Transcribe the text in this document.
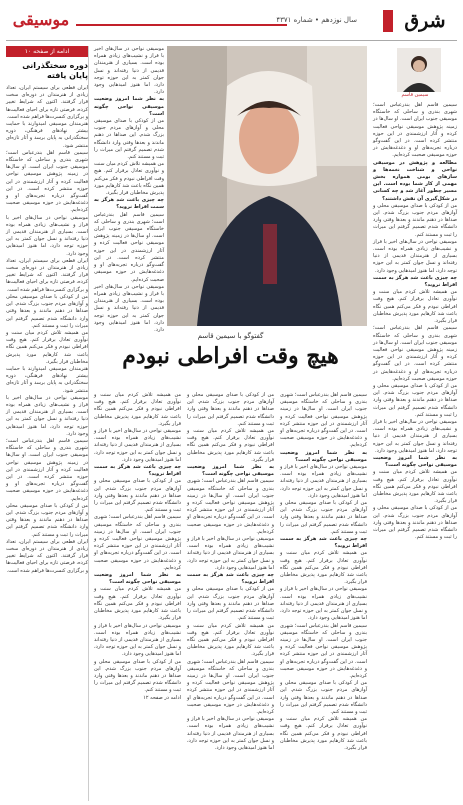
شرق
سال نوزدهم • شماره ۴۳۷۱
موسیقی
سیمین قاسم

سیمین قاسم اهل بندرعباس است؛ شهری بندری و ساحلی که خاستگاه موسیقی جنوب ایران است. او سال‌ها در زمینه پژوهش موسیقی نواحی فعالیت کرده و آثار ارزشمندی در این حوزه منتشر کرده است. در این گفت‌وگو درباره تجربه‌های او و دغدغه‌هایش در حوزه موسیقی صحبت کرده‌ایم.

مطالعه و پژوهش در موسیقی نواحی و شناخت نغمه‌ها و سازهای بومی همواره بخش مهمی از کار شما بوده است. این مسیر چطور آغاز شد و چه کسانی در شکل‌گیری آن نقش داشتند؟

من از کودکی با صدای موسیقی محلی و آوازهای مردم جنوب بزرگ شدم. این صداها در ذهنم ماندند و بعدها وقتی وارد دانشگاه شدم تصمیم گرفتم این میراث را ثبت و مستند کنم.

موسیقی نواحی در سال‌های اخیر با فراز و نشیب‌های زیادی همراه بوده است. بسیاری از هنرمندان قدیمی از دنیا رفته‌اند و نسل جوان کمتر به این حوزه توجه دارد، اما هنوز امیدهایی وجود دارد.

چه چیزی باعث شد هرگز به سمت افراط نروید؟

من همیشه تلاش کردم میان سنت و نوآوری تعادل برقرار کنم. هیچ وقت افراطی نبودم و فکر می‌کنم همین نگاه باعث شد کارهایم مورد پذیرش مخاطبان قرار بگیرد.

سیمین قاسم اهل بندرعباس است؛ شهری بندری و ساحلی که خاستگاه موسیقی جنوب ایران است. او سال‌ها در زمینه پژوهش موسیقی نواحی فعالیت کرده و آثار ارزشمندی در این حوزه منتشر کرده است. در این گفت‌وگو درباره تجربه‌های او و دغدغه‌هایش در حوزه موسیقی صحبت کرده‌ایم.

من از کودکی با صدای موسیقی محلی و آوازهای مردم جنوب بزرگ شدم. این صداها در ذهنم ماندند و بعدها وقتی وارد دانشگاه شدم تصمیم گرفتم این میراث را ثبت و مستند کنم.

موسیقی نواحی در سال‌های اخیر با فراز و نشیب‌های زیادی همراه بوده است. بسیاری از هنرمندان قدیمی از دنیا رفته‌اند و نسل جوان کمتر به این حوزه توجه دارد، اما هنوز امیدهایی وجود دارد.

به نظر شما امروز وضعیت موسیقی نواحی چگونه است؟

من همیشه تلاش کردم میان سنت و نوآوری تعادل برقرار کنم. هیچ وقت افراطی نبودم و فکر می‌کنم همین نگاه باعث شد کارهایم مورد پذیرش مخاطبان قرار بگیرد.

من از کودکی با صدای موسیقی محلی و آوازهای مردم جنوب بزرگ شدم. این صداها در ذهنم ماندند و بعدها وقتی وارد دانشگاه شدم تصمیم گرفتم این میراث را ثبت و مستند کنم.

موسیقی نواحی در سال‌های اخیر با فراز و نشیب‌های زیادی همراه بوده است. بسیاری از هنرمندان قدیمی از دنیا رفته‌اند و نسل جوان کمتر به این حوزه توجه دارد، اما هنوز امیدهایی وجود دارد.

به نظر شما امروز وضعیت موسیقی نواحی چگونه است؟

من از کودکی با صدای موسیقی محلی و آوازهای مردم جنوب بزرگ شدم. این صداها در ذهنم ماندند و بعدها وقتی وارد دانشگاه شدم تصمیم گرفتم این میراث را ثبت و مستند کنم.

من همیشه تلاش کردم میان سنت و نوآوری تعادل برقرار کنم. هیچ وقت افراطی نبودم و فکر می‌کنم همین نگاه باعث شد کارهایم مورد پذیرش مخاطبان قرار بگیرد.

چه چیزی باعث شد هرگز به سمت افراط نروید؟

سیمین قاسم اهل بندرعباس است؛ شهری بندری و ساحلی که خاستگاه موسیقی جنوب ایران است. او سال‌ها در زمینه پژوهش موسیقی نواحی فعالیت کرده و آثار ارزشمندی در این حوزه منتشر کرده است. در این گفت‌وگو درباره تجربه‌های او و دغدغه‌هایش در حوزه موسیقی صحبت کرده‌ایم.

موسیقی نواحی در سال‌های اخیر با فراز و نشیب‌های زیادی همراه بوده است. بسیاری از هنرمندان قدیمی از دنیا رفته‌اند و نسل جوان کمتر به این حوزه توجه دارد، اما هنوز امیدهایی وجود دارد.

گفتوگو با سیمین قاسم
هیچ وقت افراطی نبودم

سیمین قاسم اهل بندرعباس است؛ شهری بندری و ساحلی که خاستگاه موسیقی جنوب ایران است. او سال‌ها در زمینه پژوهش موسیقی نواحی فعالیت کرده و آثار ارزشمندی در این حوزه منتشر کرده است. در این گفت‌وگو درباره تجربه‌های او و دغدغه‌هایش در حوزه موسیقی صحبت کرده‌ایم.

به نظر شما امروز وضعیت موسیقی نواحی چگونه است؟

موسیقی نواحی در سال‌های اخیر با فراز و نشیب‌های زیادی همراه بوده است. بسیاری از هنرمندان قدیمی از دنیا رفته‌اند و نسل جوان کمتر به این حوزه توجه دارد، اما هنوز امیدهایی وجود دارد.

من از کودکی با صدای موسیقی محلی و آوازهای مردم جنوب بزرگ شدم. این صداها در ذهنم ماندند و بعدها وقتی وارد دانشگاه شدم تصمیم گرفتم این میراث را ثبت و مستند کنم.

چه چیزی باعث شد هرگز به سمت افراط نروید؟

من همیشه تلاش کردم میان سنت و نوآوری تعادل برقرار کنم. هیچ وقت افراطی نبودم و فکر می‌کنم همین نگاه باعث شد کارهایم مورد پذیرش مخاطبان قرار بگیرد.

موسیقی نواحی در سال‌های اخیر با فراز و نشیب‌های زیادی همراه بوده است. بسیاری از هنرمندان قدیمی از دنیا رفته‌اند و نسل جوان کمتر به این حوزه توجه دارد، اما هنوز امیدهایی وجود دارد.

سیمین قاسم اهل بندرعباس است؛ شهری بندری و ساحلی که خاستگاه موسیقی جنوب ایران است. او سال‌ها در زمینه پژوهش موسیقی نواحی فعالیت کرده و آثار ارزشمندی در این حوزه منتشر کرده است. در این گفت‌وگو درباره تجربه‌های او و دغدغه‌هایش در حوزه موسیقی صحبت کرده‌ایم.

من از کودکی با صدای موسیقی محلی و آوازهای مردم جنوب بزرگ شدم. این صداها در ذهنم ماندند و بعدها وقتی وارد دانشگاه شدم تصمیم گرفتم این میراث را ثبت و مستند کنم.

من همیشه تلاش کردم میان سنت و نوآوری تعادل برقرار کنم. هیچ وقت افراطی نبودم و فکر می‌کنم همین نگاه باعث شد کارهایم مورد پذیرش مخاطبان قرار بگیرد.

من از کودکی با صدای موسیقی محلی و آوازهای مردم جنوب بزرگ شدم. این صداها در ذهنم ماندند و بعدها وقتی وارد دانشگاه شدم تصمیم گرفتم این میراث را ثبت و مستند کنم.

من همیشه تلاش کردم میان سنت و نوآوری تعادل برقرار کنم. هیچ وقت افراطی نبودم و فکر می‌کنم همین نگاه باعث شد کارهایم مورد پذیرش مخاطبان قرار بگیرد.

به نظر شما امروز وضعیت موسیقی نواحی چگونه است؟

سیمین قاسم اهل بندرعباس است؛ شهری بندری و ساحلی که خاستگاه موسیقی جنوب ایران است. او سال‌ها در زمینه پژوهش موسیقی نواحی فعالیت کرده و آثار ارزشمندی در این حوزه منتشر کرده است. در این گفت‌وگو درباره تجربه‌های او و دغدغه‌هایش در حوزه موسیقی صحبت کرده‌ایم.

موسیقی نواحی در سال‌های اخیر با فراز و نشیب‌های زیادی همراه بوده است. بسیاری از هنرمندان قدیمی از دنیا رفته‌اند و نسل جوان کمتر به این حوزه توجه دارد، اما هنوز امیدهایی وجود دارد.

چه چیزی باعث شد هرگز به سمت افراط نروید؟

من از کودکی با صدای موسیقی محلی و آوازهای مردم جنوب بزرگ شدم. این صداها در ذهنم ماندند و بعدها وقتی وارد دانشگاه شدم تصمیم گرفتم این میراث را ثبت و مستند کنم.

من همیشه تلاش کردم میان سنت و نوآوری تعادل برقرار کنم. هیچ وقت افراطی نبودم و فکر می‌کنم همین نگاه باعث شد کارهایم مورد پذیرش مخاطبان قرار بگیرد.

سیمین قاسم اهل بندرعباس است؛ شهری بندری و ساحلی که خاستگاه موسیقی جنوب ایران است. او سال‌ها در زمینه پژوهش موسیقی نواحی فعالیت کرده و آثار ارزشمندی در این حوزه منتشر کرده است. در این گفت‌وگو درباره تجربه‌های او و دغدغه‌هایش در حوزه موسیقی صحبت کرده‌ایم.

موسیقی نواحی در سال‌های اخیر با فراز و نشیب‌های زیادی همراه بوده است. بسیاری از هنرمندان قدیمی از دنیا رفته‌اند و نسل جوان کمتر به این حوزه توجه دارد، اما هنوز امیدهایی وجود دارد.

من همیشه تلاش کردم میان سنت و نوآوری تعادل برقرار کنم. هیچ وقت افراطی نبودم و فکر می‌کنم همین نگاه باعث شد کارهایم مورد پذیرش مخاطبان قرار بگیرد.

موسیقی نواحی در سال‌های اخیر با فراز و نشیب‌های زیادی همراه بوده است. بسیاری از هنرمندان قدیمی از دنیا رفته‌اند و نسل جوان کمتر به این حوزه توجه دارد، اما هنوز امیدهایی وجود دارد.

چه چیزی باعث شد هرگز به سمت افراط نروید؟

من از کودکی با صدای موسیقی محلی و آوازهای مردم جنوب بزرگ شدم. این صداها در ذهنم ماندند و بعدها وقتی وارد دانشگاه شدم تصمیم گرفتم این میراث را ثبت و مستند کنم.

سیمین قاسم اهل بندرعباس است؛ شهری بندری و ساحلی که خاستگاه موسیقی جنوب ایران است. او سال‌ها در زمینه پژوهش موسیقی نواحی فعالیت کرده و آثار ارزشمندی در این حوزه منتشر کرده است. در این گفت‌وگو درباره تجربه‌های او و دغدغه‌هایش در حوزه موسیقی صحبت کرده‌ایم.

به نظر شما امروز وضعیت موسیقی نواحی چگونه است؟

من همیشه تلاش کردم میان سنت و نوآوری تعادل برقرار کنم. هیچ وقت افراطی نبودم و فکر می‌کنم همین نگاه باعث شد کارهایم مورد پذیرش مخاطبان قرار بگیرد.

موسیقی نواحی در سال‌های اخیر با فراز و نشیب‌های زیادی همراه بوده است. بسیاری از هنرمندان قدیمی از دنیا رفته‌اند و نسل جوان کمتر به این حوزه توجه دارد، اما هنوز امیدهایی وجود دارد.

من از کودکی با صدای موسیقی محلی و آوازهای مردم جنوب بزرگ شدم. این صداها در ذهنم ماندند و بعدها وقتی وارد دانشگاه شدم تصمیم گرفتم این میراث را ثبت و مستند کنم.

ادامه در صفحه ۱۲

ادامه از صفحه ۱۰
دوره سختگذرانی پایان یافته

ایران قطعی برای سیستم ایران، تعداد زیادی از هنرمندان در دوره‌ای سخت قرار گرفتند. اکنون که شرایط تغییر کرده، فرصتی تازه برای احیای فعالیت‌ها و برگزاری کنسرت‌ها فراهم شده است.

هنرمندان موسیقی امیدوارند با حمایت بیشتر نهادهای فرهنگی، دوره سختگذرانی به پایان برسد و آثار تازه‌ای منتشر شود.

سیمین قاسم اهل بندرعباس است؛ شهری بندری و ساحلی که خاستگاه موسیقی جنوب ایران است. او سال‌ها در زمینه پژوهش موسیقی نواحی فعالیت کرده و آثار ارزشمندی در این حوزه منتشر کرده است. در این گفت‌وگو درباره تجربه‌های او و دغدغه‌هایش در حوزه موسیقی صحبت کرده‌ایم.

موسیقی نواحی در سال‌های اخیر با فراز و نشیب‌های زیادی همراه بوده است. بسیاری از هنرمندان قدیمی از دنیا رفته‌اند و نسل جوان کمتر به این حوزه توجه دارد، اما هنوز امیدهایی وجود دارد.

ایران قطعی برای سیستم ایران، تعداد زیادی از هنرمندان در دوره‌ای سخت قرار گرفتند. اکنون که شرایط تغییر کرده، فرصتی تازه برای احیای فعالیت‌ها و برگزاری کنسرت‌ها فراهم شده است.

من از کودکی با صدای موسیقی محلی و آوازهای مردم جنوب بزرگ شدم. این صداها در ذهنم ماندند و بعدها وقتی وارد دانشگاه شدم تصمیم گرفتم این میراث را ثبت و مستند کنم.

من همیشه تلاش کردم میان سنت و نوآوری تعادل برقرار کنم. هیچ وقت افراطی نبودم و فکر می‌کنم همین نگاه باعث شد کارهایم مورد پذیرش مخاطبان قرار بگیرد.

هنرمندان موسیقی امیدوارند با حمایت بیشتر نهادهای فرهنگی، دوره سختگذرانی به پایان برسد و آثار تازه‌ای منتشر شود.

موسیقی نواحی در سال‌های اخیر با فراز و نشیب‌های زیادی همراه بوده است. بسیاری از هنرمندان قدیمی از دنیا رفته‌اند و نسل جوان کمتر به این حوزه توجه دارد، اما هنوز امیدهایی وجود دارد.

سیمین قاسم اهل بندرعباس است؛ شهری بندری و ساحلی که خاستگاه موسیقی جنوب ایران است. او سال‌ها در زمینه پژوهش موسیقی نواحی فعالیت کرده و آثار ارزشمندی در این حوزه منتشر کرده است. در این گفت‌وگو درباره تجربه‌های او و دغدغه‌هایش در حوزه موسیقی صحبت کرده‌ایم.

من از کودکی با صدای موسیقی محلی و آوازهای مردم جنوب بزرگ شدم. این صداها در ذهنم ماندند و بعدها وقتی وارد دانشگاه شدم تصمیم گرفتم این میراث را ثبت و مستند کنم.

ایران قطعی برای سیستم ایران، تعداد زیادی از هنرمندان در دوره‌ای سخت قرار گرفتند. اکنون که شرایط تغییر کرده، فرصتی تازه برای احیای فعالیت‌ها و برگزاری کنسرت‌ها فراهم شده است.
